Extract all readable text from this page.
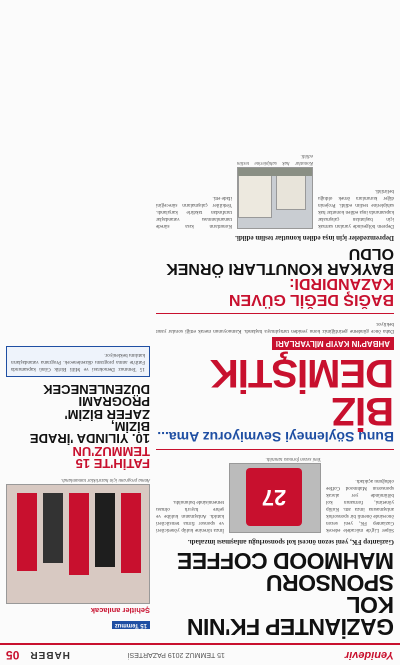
Yenidevir
15 TEMMUZ 2019 PAZARTESİ
HABER
05
GAZİANTEP FK'NIN KOL
SPONSORU MAHMOOD COFFEE
Gaziantep FK, yeni sezon öncesi kol sponsorluğu anlaşması imzaladı.
Süper Lig'de mücadele edecek Gaziantep FK, yeni sezon öncesinde önemli bir sponsorluk anlaşmasına imza attı. Kulüp yönetimi, formanın kol bölümünde yer alacak sponsorun Mahmood Coffee olduğunu açıkladı.
27
Yeni sezon forması tanıtıldı.
İmza törenine kulüp yöneticileri ve sponsor firma temsilcileri katıldı. Anlaşmanın kulübe ve şehre hayırlı olması temennisinde bulunuldu.
Bunu Söylemeyi Sevmiyoruz Ama...
BİZ DEMİŞTİK
AHBAP'IN KAYIP MİLYARLARI
Daha önce gündeme getirdiğimiz konu yeniden tartışılmaya başlandı. Kamuoyunun merak ettiği sorular yanıt bekliyor.
BAĞIŞ DEĞİL GÜVEN KAZANDIRDI:
BAYKAR KONUTLARI ÖRNEK OLDU
Depremzedeler için inşa edilen konutlar teslim edildi.
Deprem bölgesinde yaraları sarmak için başlatılan çalışmalar kapsamında inşa edilen konutlar hak sahiplerine teslim edildi. Projenin diğer kurumlara örnek olduğu belirtildi.
Konutlar hak sahiplerine teslim edildi.
Konutların kısa sürede tamamlanması vatandaşlar tarafından takdirle karşılandı. Yetkililer çalışmaların süreceğini ifade etti.
15 Temmuz
Şehitler anılacak
Anma programı için hazırlıklar tamamlandı.
FATİH'TE 15 TEMMUZ'UN
10. YILINDA 'İRADE BİZİM,
ZAFER BİZİM' PROGRAMI
DÜZENLENECEK
15 Temmuz Demokrasi ve Milli Birlik Günü kapsamında Fatih'te anma programı düzenlenecek. Programa vatandaşların katılımı bekleniyor.
